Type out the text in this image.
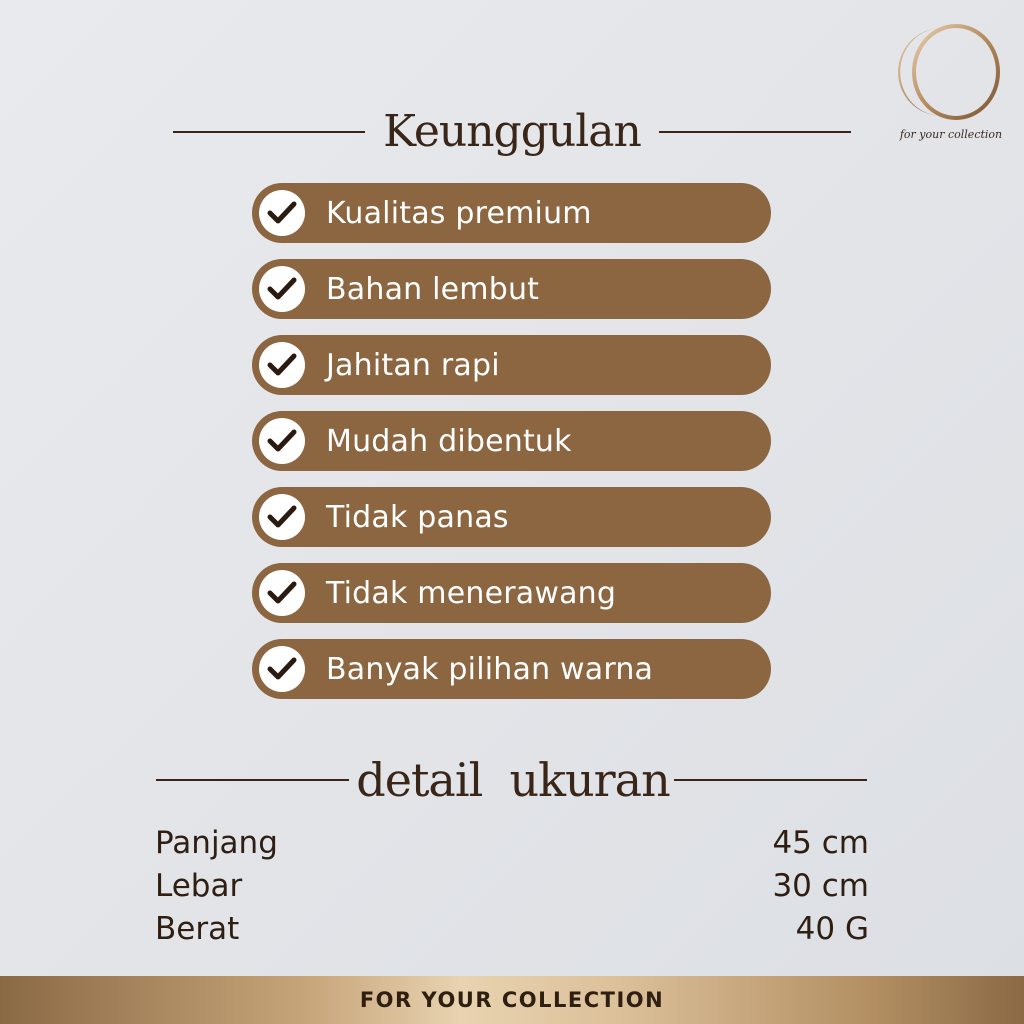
for your collection
Keunggulan
Kualitas premium
Bahan lembut
Jahitan rapi
Mudah dibentuk
Tidak panas
Tidak menerawang
Banyak pilihan warna
detail  ukuran
Panjang	45 cm
Lebar	30 cm
Berat	40 G
FOR YOUR COLLECTION
